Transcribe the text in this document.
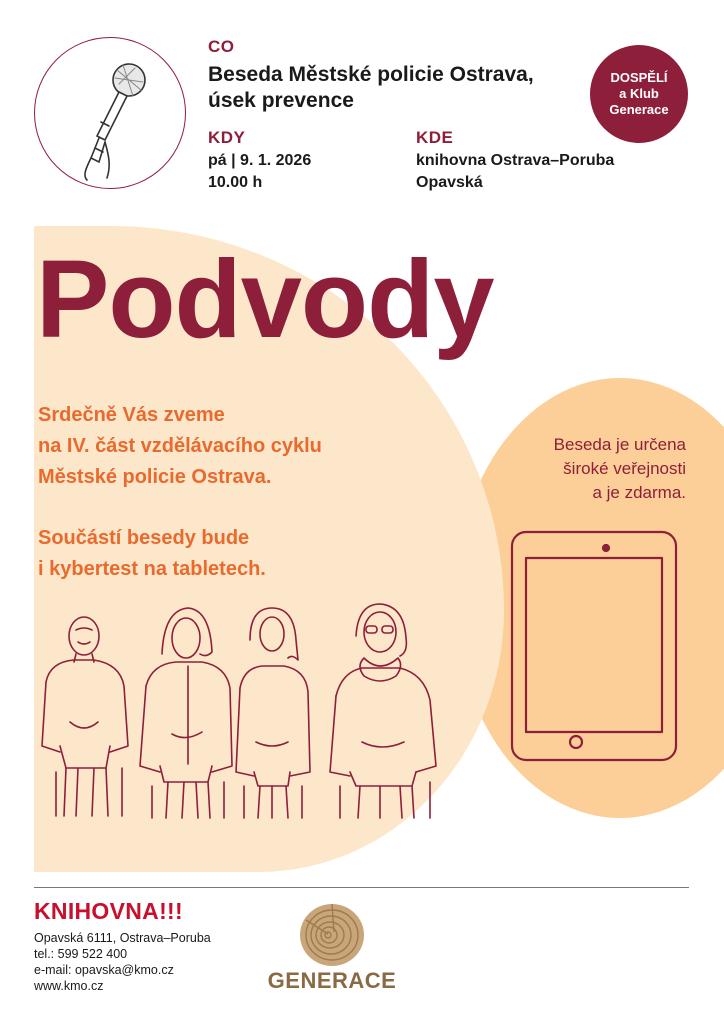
CO
Beseda Městské policie Ostrava,
úsek prevence
KDY
pá | 9. 1. 2026
10.00 h
KDE
knihovna Ostrava–Poruba
Opavská
DOSPĚLÍ
a Klub
Generace
Podvody
Srdečně Vás zveme
na IV. část vzdělávacího cyklu
Městské policie Ostrava.
Součástí besedy bude
i kybertest na tabletech.
Beseda je určena
široké veřejnosti
a je zdarma.
KNIHOVNA!!!
Opavská 6111, Ostrava–Poruba
tel.: 599 522 400
e-mail: opavska@kmo.cz
www.kmo.cz	GENERACE
